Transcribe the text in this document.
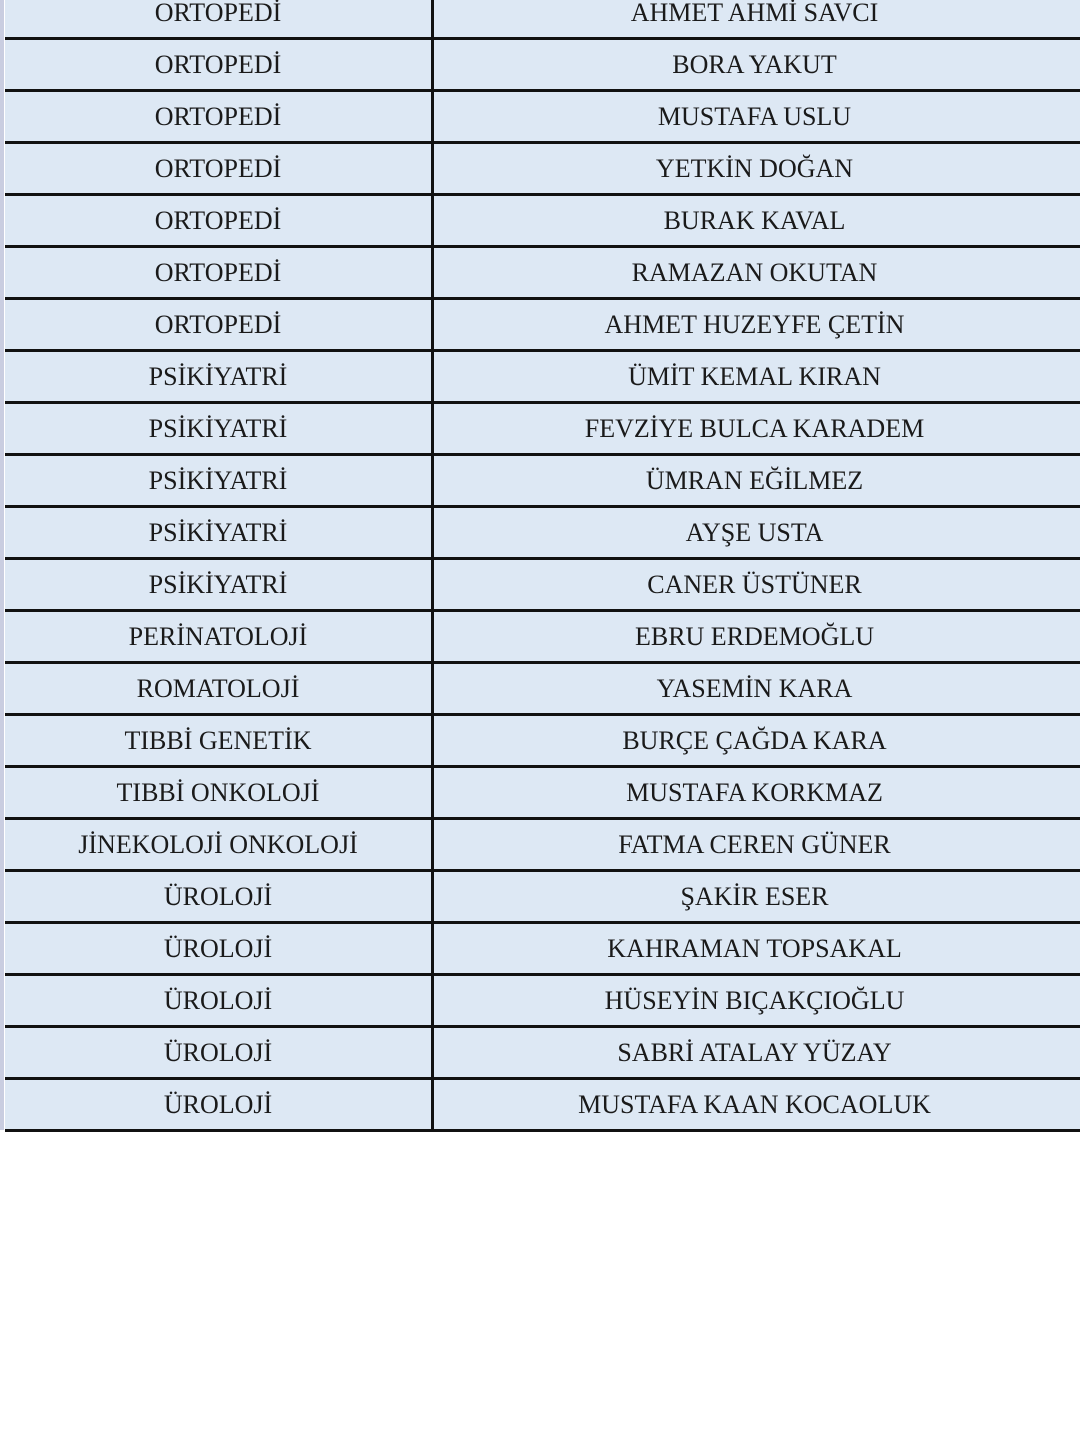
ORTOPEDİ	AHMET AHMİ SAVCI
ORTOPEDİ	BORA YAKUT
ORTOPEDİ	MUSTAFA USLU
ORTOPEDİ	YETKİN DOĞAN
ORTOPEDİ	BURAK KAVAL
ORTOPEDİ	RAMAZAN OKUTAN
ORTOPEDİ	AHMET HUZEYFE ÇETİN
PSİKİYATRİ	ÜMİT KEMAL KIRAN
PSİKİYATRİ	FEVZİYE BULCA KARADEM
PSİKİYATRİ	ÜMRAN EĞİLMEZ
PSİKİYATRİ	AYŞE USTA
PSİKİYATRİ	CANER ÜSTÜNER
PERİNATOLOJİ	EBRU ERDEMOĞLU
ROMATOLOJİ	YASEMİN KARA
TIBBİ GENETİK	BURÇE ÇAĞDA KARA
TIBBİ ONKOLOJİ	MUSTAFA KORKMAZ
JİNEKOLOJİ ONKOLOJİ	FATMA CEREN GÜNER
ÜROLOJİ	ŞAKİR ESER
ÜROLOJİ	KAHRAMAN TOPSAKAL
ÜROLOJİ	HÜSEYİN BIÇAKÇIOĞLU
ÜROLOJİ	SABRİ ATALAY YÜZAY
ÜROLOJİ	MUSTAFA KAAN KOCAOLUK
